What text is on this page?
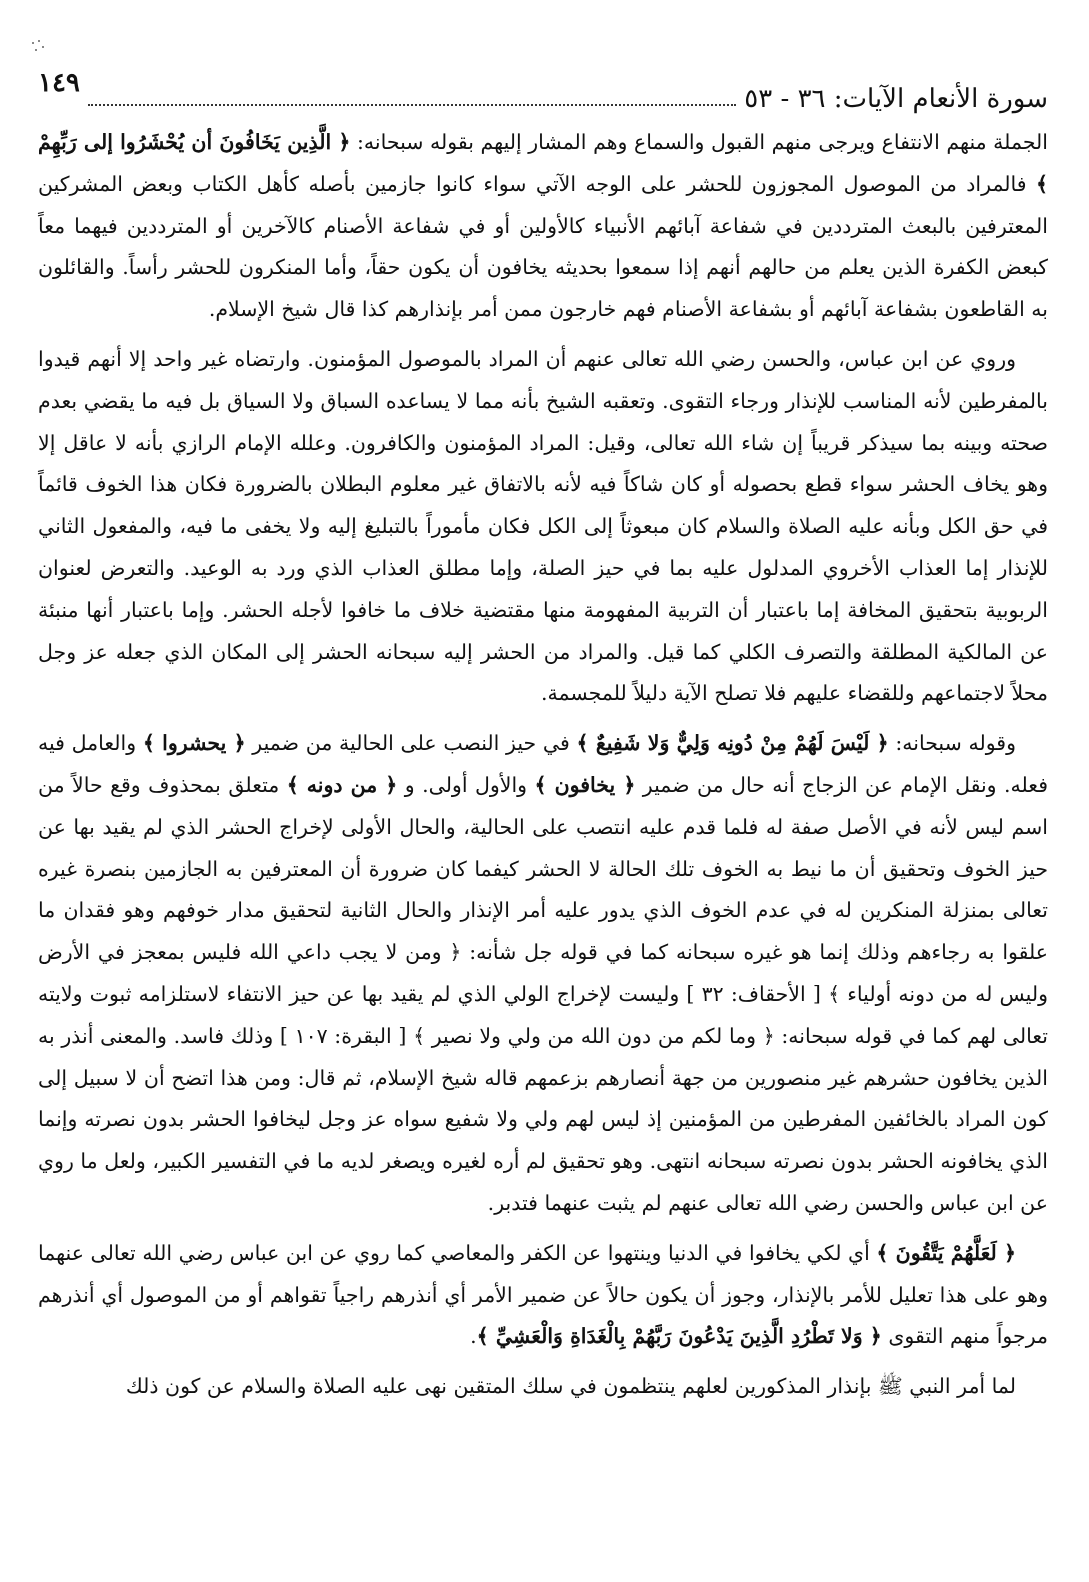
سورة الأنعام الآيات: ٣٦ - ٥٣
١٤٩

الجملة منهم الانتفاع ويرجى منهم القبول والسماع وهم المشار إليهم بقوله سبحانه: ﴿ الَّذِين يَخَافُونَ أن يُحْشَرُوا إلى رَبِّهِمْ ﴾ فالمراد من الموصول المجوزون للحشر على الوجه الآتي سواء كانوا جازمين بأصله كأهل الكتاب وبعض المشركين المعترفين بالبعث المترددين في شفاعة آبائهم الأنبياء كالأولين أو في شفاعة الأصنام كالآخرين أو المترددين فيهما معاً كبعض الكفرة الذين يعلم من حالهم أنهم إذا سمعوا بحديثه يخافون أن يكون حقاً، وأما المنكرون للحشر رأساً. والقائلون به القاطعون بشفاعة آبائهم أو بشفاعة الأصنام فهم خارجون ممن أمر بإنذارهم كذا قال شيخ الإسلام.

وروي عن ابن عباس، والحسن رضي الله تعالى عنهم أن المراد بالموصول المؤمنون. وارتضاه غير واحد إلا أنهم قيدوا بالمفرطين لأنه المناسب للإنذار ورجاء التقوى. وتعقبه الشيخ بأنه مما لا يساعده السباق ولا السياق بل فيه ما يقضي بعدم صحته وبينه بما سيذكر قريباً إن شاء الله تعالى، وقيل: المراد المؤمنون والكافرون. وعلله الإمام الرازي بأنه لا عاقل إلا وهو يخاف الحشر سواء قطع بحصوله أو كان شاكاً فيه لأنه بالاتفاق غير معلوم البطلان بالضرورة فكان هذا الخوف قائماً في حق الكل وبأنه عليه الصلاة والسلام كان مبعوثاً إلى الكل فكان مأموراً بالتبليغ إليه ولا يخفى ما فيه، والمفعول الثاني للإنذار إما العذاب الأخروي المدلول عليه بما في حيز الصلة، وإما مطلق العذاب الذي ورد به الوعيد. والتعرض لعنوان الربوبية بتحقيق المخافة إما باعتبار أن التربية المفهومة منها مقتضية خلاف ما خافوا لأجله الحشر. وإما باعتبار أنها منبئة عن المالكية المطلقة والتصرف الكلي كما قيل. والمراد من الحشر إليه سبحانه الحشر إلى المكان الذي جعله عز وجل محلاً لاجتماعهم وللقضاء عليهم فلا تصلح الآية دليلاً للمجسمة.

وقوله سبحانه: ﴿ لَيْسَ لَهُمْ مِنْ دُونِه وَلِيٌّ وَلا شَفِيعٌ ﴾ في حيز النصب على الحالية من ضمير ﴿ يحشروا ﴾ والعامل فيه فعله. ونقل الإمام عن الزجاج أنه حال من ضمير ﴿ يخافون ﴾ والأول أولى. و ﴿ من دونه ﴾ متعلق بمحذوف وقع حالاً من اسم ليس لأنه في الأصل صفة له فلما قدم عليه انتصب على الحالية، والحال الأولى لإخراج الحشر الذي لم يقيد بها عن حيز الخوف وتحقيق أن ما نيط به الخوف تلك الحالة لا الحشر كيفما كان ضرورة أن المعترفين به الجازمين بنصرة غيره تعالى بمنزلة المنكرين له في عدم الخوف الذي يدور عليه أمر الإنذار والحال الثانية لتحقيق مدار خوفهم وهو فقدان ما علقوا به رجاءهم وذلك إنما هو غيره سبحانه كما في قوله جل شأنه: ﴿ ومن لا يجب داعي الله فليس بمعجز في الأرض وليس له من دونه أولياء ﴾ [ الأحقاف: ٣٢ ] وليست لإخراج الولي الذي لم يقيد بها عن حيز الانتفاء لاستلزامه ثبوت ولايته تعالى لهم كما في قوله سبحانه: ﴿ وما لكم من دون الله من ولي ولا نصير ﴾ [ البقرة: ١٠٧ ] وذلك فاسد. والمعنى أنذر به الذين يخافون حشرهم غير منصورين من جهة أنصارهم بزعمهم قاله شيخ الإسلام، ثم قال: ومن هذا اتضح أن لا سبيل إلى كون المراد بالخائفين المفرطين من المؤمنين إذ ليس لهم ولي ولا شفيع سواه عز وجل ليخافوا الحشر بدون نصرته وإنما الذي يخافونه الحشر بدون نصرته سبحانه انتهى. وهو تحقيق لم أره لغيره ويصغر لديه ما في التفسير الكبير، ولعل ما روي عن ابن عباس والحسن رضي الله تعالى عنهم لم يثبت عنهما فتدبر.

﴿ لَعَلَّهُمْ يَتَّقُونَ ﴾ أي لكي يخافوا في الدنيا وينتهوا عن الكفر والمعاصي كما روي عن ابن عباس رضي الله تعالى عنهما وهو على هذا تعليل للأمر بالإنذار، وجوز أن يكون حالاً عن ضمير الأمر أي أنذرهم راجياً تقواهم أو من الموصول أي أنذرهم مرجواً منهم التقوى ﴿ وَلا تَطْرُدِ الَّذِينَ يَدْعُونَ رَبَّهُمْ بِالْغَدَاةِ وَالْعَشِيِّ ﴾.

لما أمر النبي ﷺ بإنذار المذكورين لعلهم ينتظمون في سلك المتقين نهى عليه الصلاة والسلام عن كون ذلك
